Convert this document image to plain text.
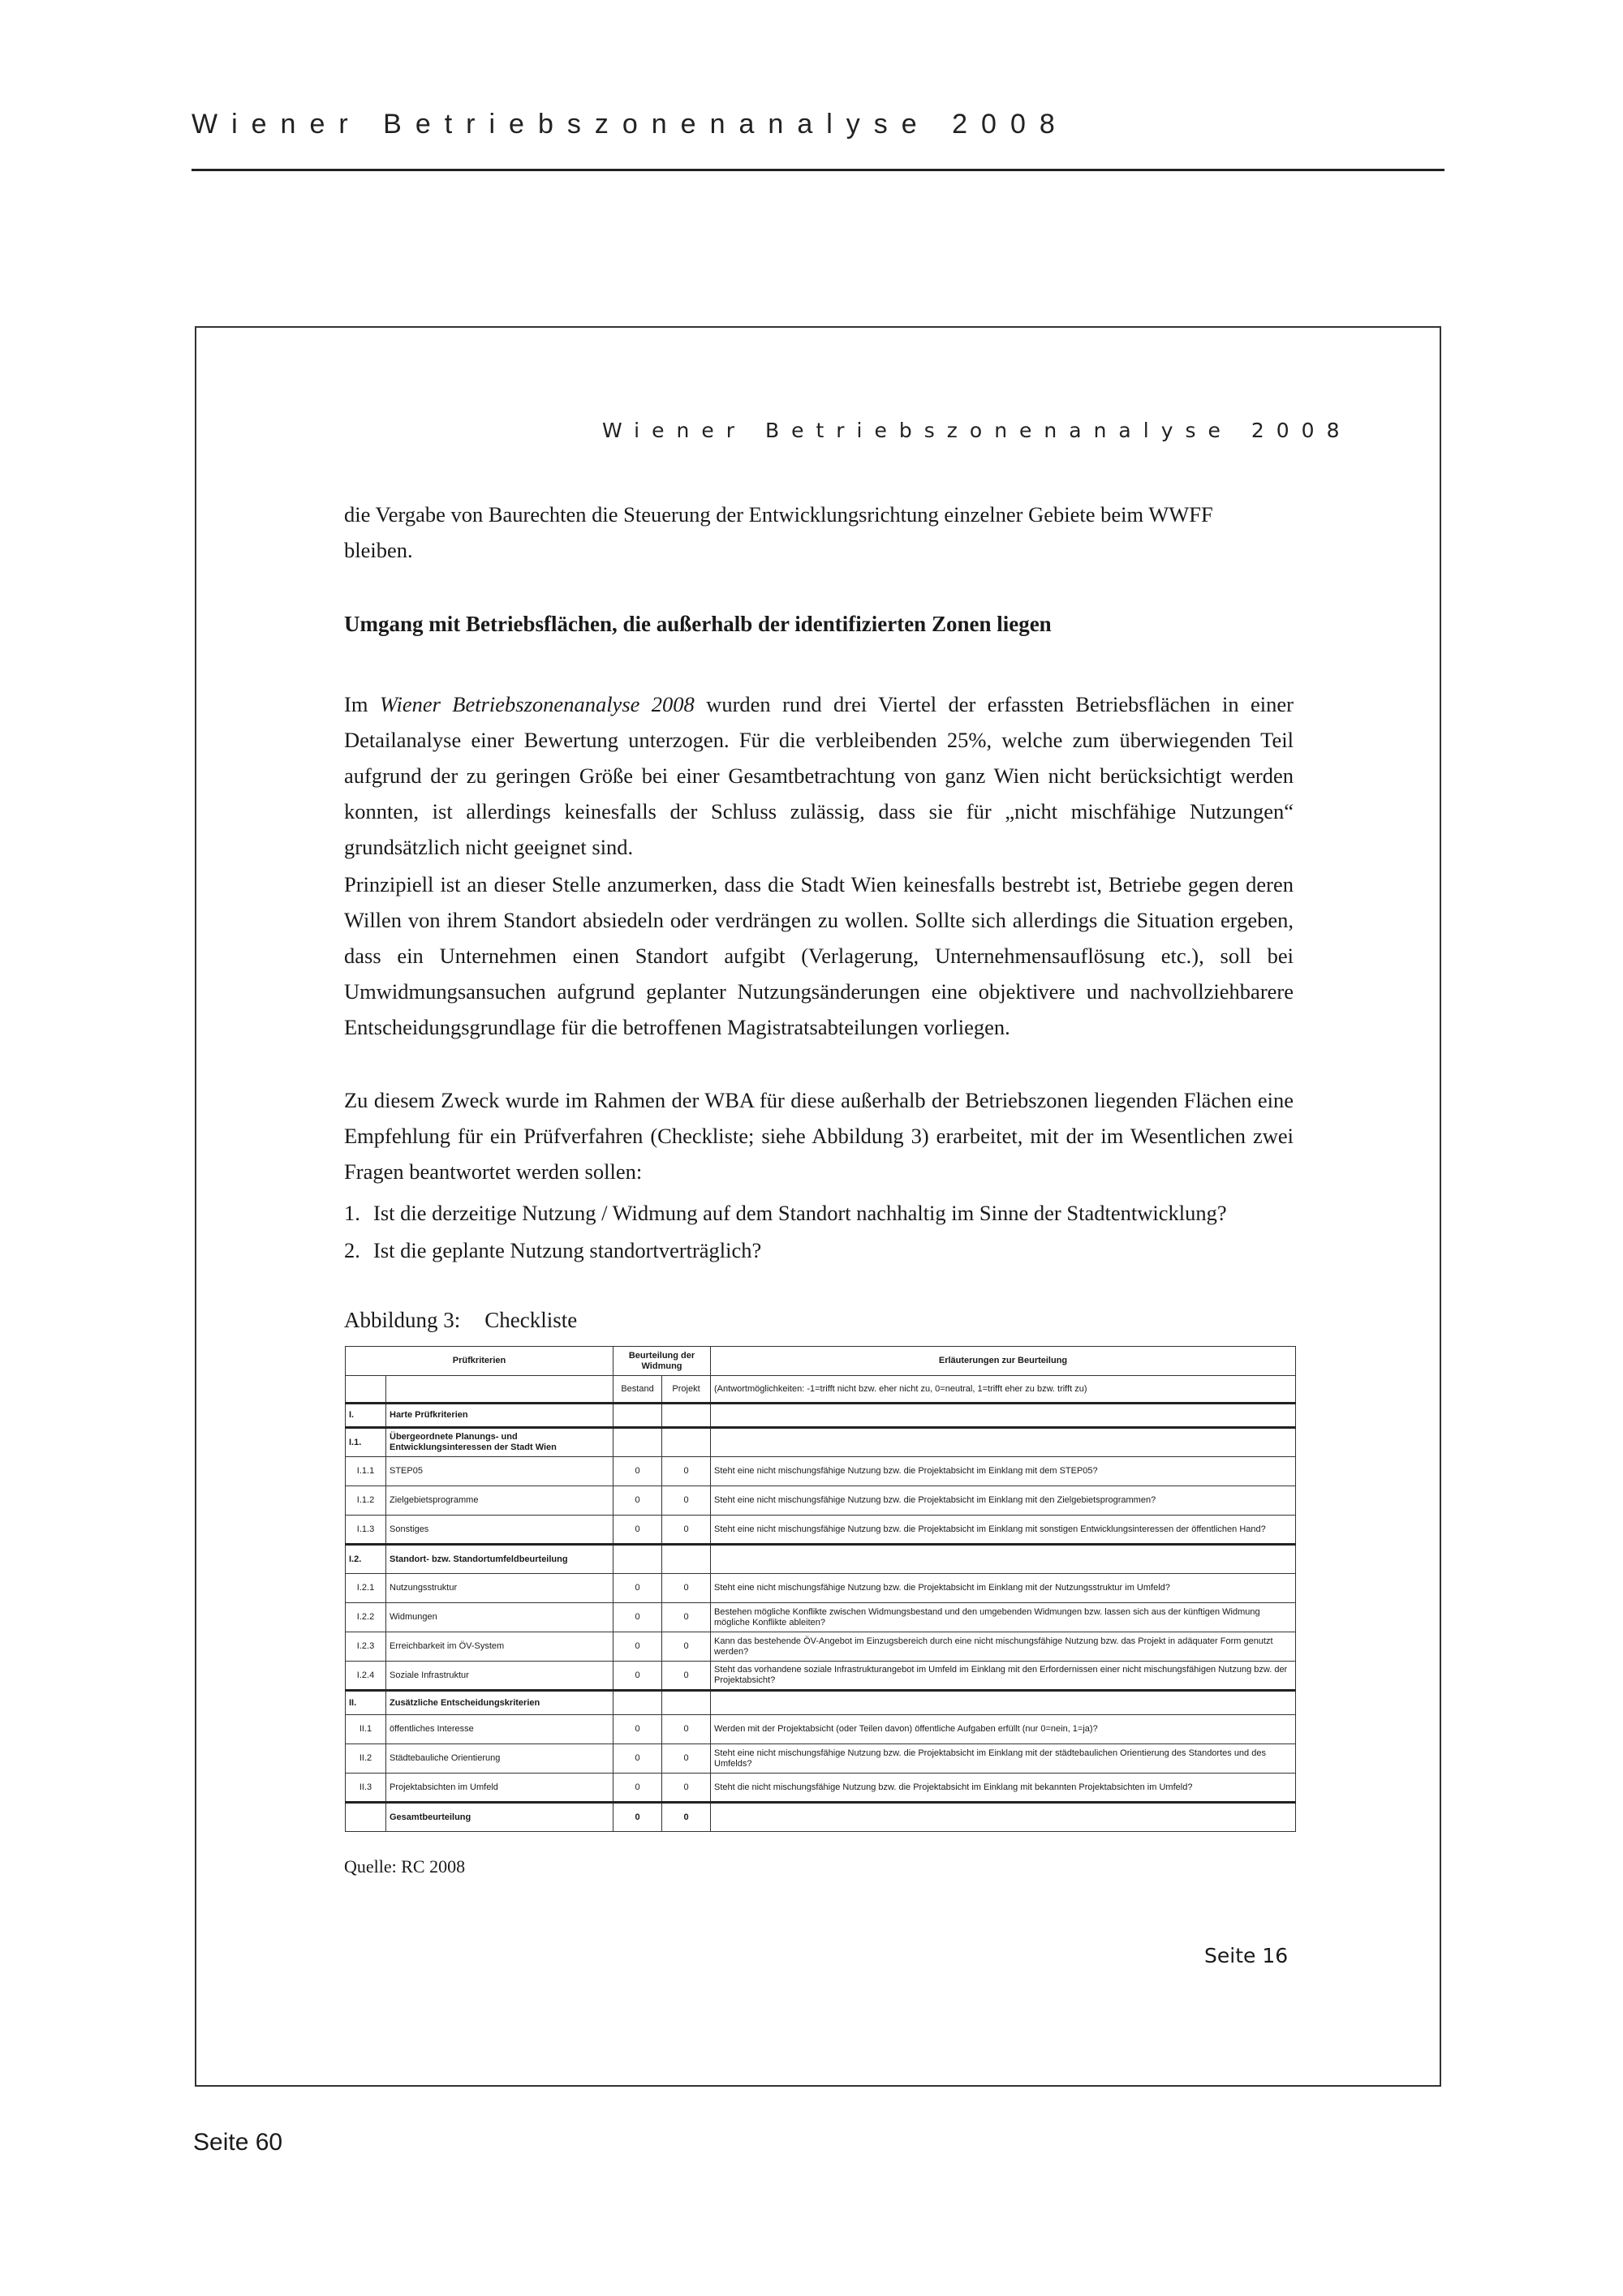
Wiener Betriebszonenanalyse 2008
Wiener Betriebszonenanalyse 2008

die Vergabe von Baurechten die Steuerung der Entwicklungsrichtung einzelner Gebiete beim WWFF bleiben.

Umgang mit Betriebsflächen, die außerhalb der identifizierten Zonen liegen

Im Wiener Betriebszonenanalyse 2008 wurden rund drei Viertel der erfassten Betriebsflächen in einer Detailanalyse einer Bewertung unterzogen. Für die verbleibenden 25%, welche zum überwiegenden Teil aufgrund der zu geringen Größe bei einer Gesamtbetrachtung von ganz Wien nicht berücksichtigt werden konnten, ist allerdings keinesfalls der Schluss zulässig, dass sie für „nicht mischfähige Nutzungen“ grundsätzlich nicht geeignet sind.

Prinzipiell ist an dieser Stelle anzumerken, dass die Stadt Wien keinesfalls bestrebt ist, Betriebe gegen deren Willen von ihrem Standort absiedeln oder verdrängen zu wollen. Sollte sich allerdings die Situation ergeben, dass ein Unternehmen einen Standort aufgibt (Verlagerung, Unternehmensauflösung etc.), soll bei Umwidmungsansuchen aufgrund geplanter Nutzungsänderungen eine objektivere und nachvollziehbarere Entscheidungsgrundlage für die betroffenen Magistratsabteilungen vorliegen.

Zu diesem Zweck wurde im Rahmen der WBA für diese außerhalb der Betriebszonen liegenden Flächen eine Empfehlung für ein Prüfverfahren (Checkliste; siehe Abbildung 3) erarbeitet, mit der im Wesentlichen zwei Fragen beantwortet werden sollen:

1. Ist die derzeitige Nutzung / Widmung auf dem Standort nachhaltig im Sinne der Stadtentwicklung?
2. Ist die geplante Nutzung standortverträglich?
Abbildung 3: Checkliste
Prüfkriterien		Beurteilung der Widmung		Erläuterungen zur Beurteilung
		Bestand	Projekt	(Antwortmöglichkeiten: -1=trifft nicht bzw. eher nicht zu, 0=neutral, 1=trifft eher zu bzw. trifft zu)
I.	Harte Prüfkriterien			
I.1.	Übergeordnete Planungs- und Entwicklungsinteressen der Stadt Wien			
I.1.1	STEP05	0	0	Steht eine nicht mischungsfähige Nutzung bzw. die Projektabsicht im Einklang mit dem STEP05?
I.1.2	Zielgebietsprogramme	0	0	Steht eine nicht mischungsfähige Nutzung bzw. die Projektabsicht im Einklang mit den Zielgebietsprogrammen?
I.1.3	Sonstiges	0	0	Steht eine nicht mischungsfähige Nutzung bzw. die Projektabsicht im Einklang mit sonstigen Entwicklungsinteressen der öffentlichen Hand?
I.2.	Standort- bzw. Standortumfeldbeurteilung			
I.2.1	Nutzungsstruktur	0	0	Steht eine nicht mischungsfähige Nutzung bzw. die Projektabsicht im Einklang mit der Nutzungsstruktur im Umfeld?
I.2.2	Widmungen	0	0	Bestehen mögliche Konflikte zwischen Widmungsbestand und den umgebenden Widmungen bzw. lassen sich aus der künftigen Widmung mögliche Konflikte ableiten?
I.2.3	Erreichbarkeit im ÖV-System	0	0	Kann das bestehende ÖV-Angebot im Einzugsbereich durch eine nicht mischungsfähige Nutzung bzw. das Projekt in adäquater Form genutzt werden?
I.2.4	Soziale Infrastruktur	0	0	Steht das vorhandene soziale Infrastrukturangebot im Umfeld im Einklang mit den Erfordernissen einer nicht mischungsfähigen Nutzung bzw. der Projektabsicht?
II.	Zusätzliche Entscheidungskriterien			
II.1	öffentliches Interesse	0	0	Werden mit der Projektabsicht (oder Teilen davon) öffentliche Aufgaben erfüllt (nur 0=nein, 1=ja)?
II.2	Städtebauliche Orientierung	0	0	Steht eine nicht mischungsfähige Nutzung bzw. die Projektabsicht im Einklang mit der städtebaulichen Orientierung des Standortes und des Umfelds?
II.3	Projektabsichten im Umfeld	0	0	Steht die nicht mischungsfähige Nutzung bzw. die Projektabsicht im Einklang mit bekannten Projektabsichten im Umfeld?
	Gesamtbeurteilung	0	0	
Quelle: RC 2008
Seite 16
Seite 60
